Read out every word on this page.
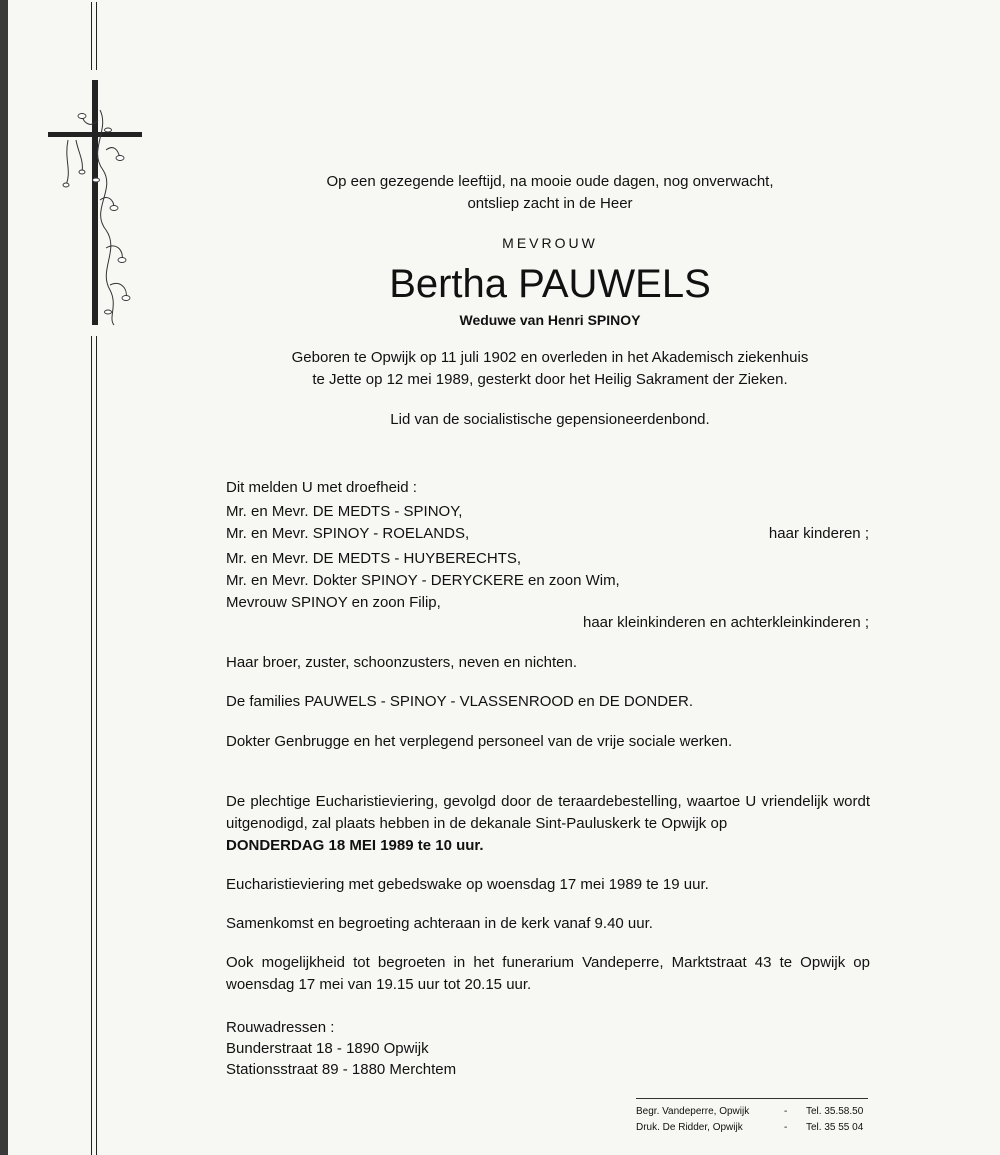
Op een gezegende leeftijd, na mooie oude dagen, nog onverwacht,
ontsliep zacht in de Heer
MEVROUW
Bertha PAUWELS
Weduwe van Henri SPINOY
Geboren te Opwijk op 11 juli 1902 en overleden in het Akademisch ziekenhuis
te Jette op 12 mei 1989, gesterkt door het Heilig Sakrament der Zieken.
Lid van de socialistische gepensioneerdenbond.
Dit melden U met droefheid :
Mr. en Mevr. DE MEDTS - SPINOY,
Mr. en Mevr. SPINOY - ROELANDS,	haar kinderen ;
Mr. en Mevr. DE MEDTS - HUYBERECHTS,
Mr. en Mevr. Dokter SPINOY - DERYCKERE en zoon Wim,
Mevrouw SPINOY en zoon Filip,
haar kleinkinderen en achterkleinkinderen ;
Haar broer, zuster, schoonzusters, neven en nichten.
De families PAUWELS - SPINOY - VLASSENROOD en DE DONDER.
Dokter Genbrugge en het verplegend personeel van de vrije sociale werken.
De plechtige Eucharistieviering, gevolgd door de teraardebestelling, waartoe U vriendelijk wordt uitgenodigd, zal plaats hebben in de dekanale Sint-Pauluskerk te Opwijk op
DONDERDAG 18 MEI 1989 te 10 uur.
Eucharistieviering met gebedswake op woensdag 17 mei 1989 te 19 uur.
Samenkomst en begroeting achteraan in de kerk vanaf 9.40 uur.
Ook mogelijkheid tot begroeten in het funerarium Vandeperre, Marktstraat 43 te Opwijk op woensdag 17 mei van 19.15 uur tot 20.15 uur.
Rouwadressen :
Bunderstraat 18 - 1890 Opwijk
Stationsstraat 89 - 1880 Merchtem
Begr. Vandeperre, Opwijk	- Tel. 35.58.50
Druk. De Ridder, Opwijk	- Tel. 35 55 04
